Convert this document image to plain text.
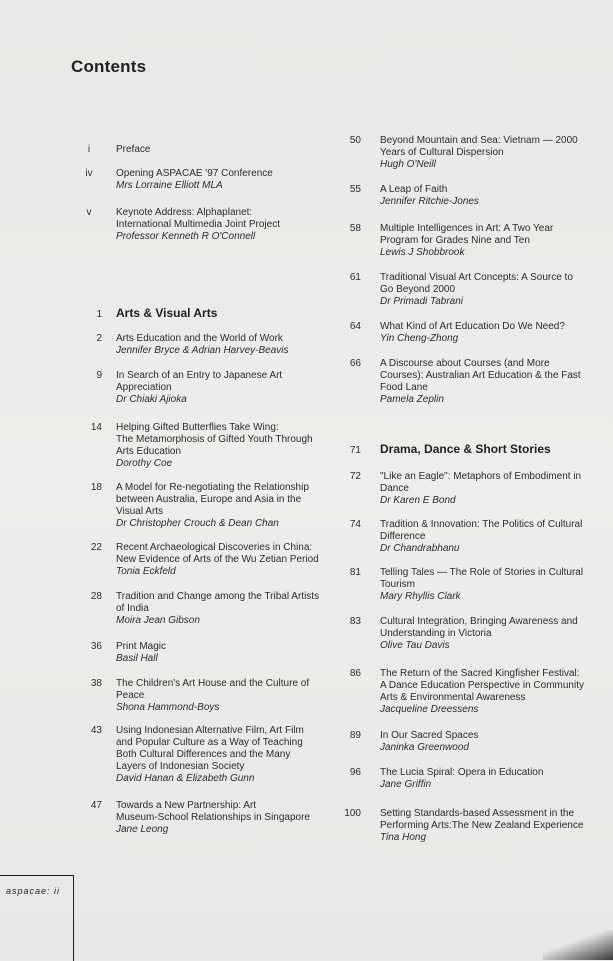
Contents
i	Preface
iv	Opening ASPACAE '97 Conference
Mrs Lorraine Elliott MLA
v	Keynote Address: Alphaplanet:
International Multimedia Joint Project
Professor Kenneth R O'Connell
1 Arts & Visual Arts
2 Arts Education and the World of Work
Jennifer Bryce & Adrian Harvey-Beavis
9 In Search of an Entry to Japanese Art
Appreciation
Dr Chiaki Ajioka
14 Helping Gifted Butterflies Take Wing:
The Metamorphosis of Gifted Youth Through
Arts Education
Dorothy Coe
18 A Model for Re-negotiating the Relationship
between Australia, Europe and Asia in the
Visual Arts
Dr Christopher Crouch & Dean Chan
22 Recent Archaeological Discoveries in China:
New Evidence of Arts of the Wu Zetian Period
Tonia Eckfeld
28 Tradition and Change among the Tribal Artists
of India
Moira Jean Gibson
36 Print Magic
Basil Hall
38 The Children's Art House and the Culture of
Peace
Shona Hammond-Boys
43 Using Indonesian Alternative Film, Art Film
and Popular Culture as a Way of Teaching
Both Cultural Differences and the Many
Layers of Indonesian Society
David Hanan & Elizabeth Gunn
47 Towards a New Partnership: Art
Museum-School Relationships in Singapore
Jane Leong
50 Beyond Mountain and Sea: Vietnam — 2000
Years of Cultural Dispersion
Hugh O'Neill
55 A Leap of Faith
Jennifer Ritchie-Jones
58 Multiple Intelligences in Art: A Two Year
Program for Grades Nine and Ten
Lewis J Shobbrook
61 Traditional Visual Art Concepts: A Source to
Go Beyond 2000
Dr Primadi Tabrani
64 What Kind of Art Education Do We Need?
Yin Cheng-Zhong
66 A Discourse about Courses (and More
Courses): Australian Art Education & the Fast
Food Lane
Pamela Zeplin
71 Drama, Dance & Short Stories
72 "Like an Eagle": Metaphors of Embodiment in
Dance
Dr Karen E Bond
74 Tradition & Innovation: The Politics of Cultural
Difference
Dr Chandrabhanu
81 Telling Tales — The Role of Stories in Cultural
Tourism
Mary Rhyllis Clark
83 Cultural Integration, Bringing Awareness and
Understanding in Victoria
Olive Tau Davis
86 The Return of the Sacred Kingfisher Festival:
A Dance Education Perspective in Community
Arts & Environmental Awareness
Jacqueline Dreessens
89 In Our Sacred Spaces
Janinka Greenwood
96 The Lucia Spiral: Opera in Education
Jane Griffin
100 Setting Standards-based Assessment in the
Performing Arts:The New Zealand Experience
Tina Hong
aspacae: ii
